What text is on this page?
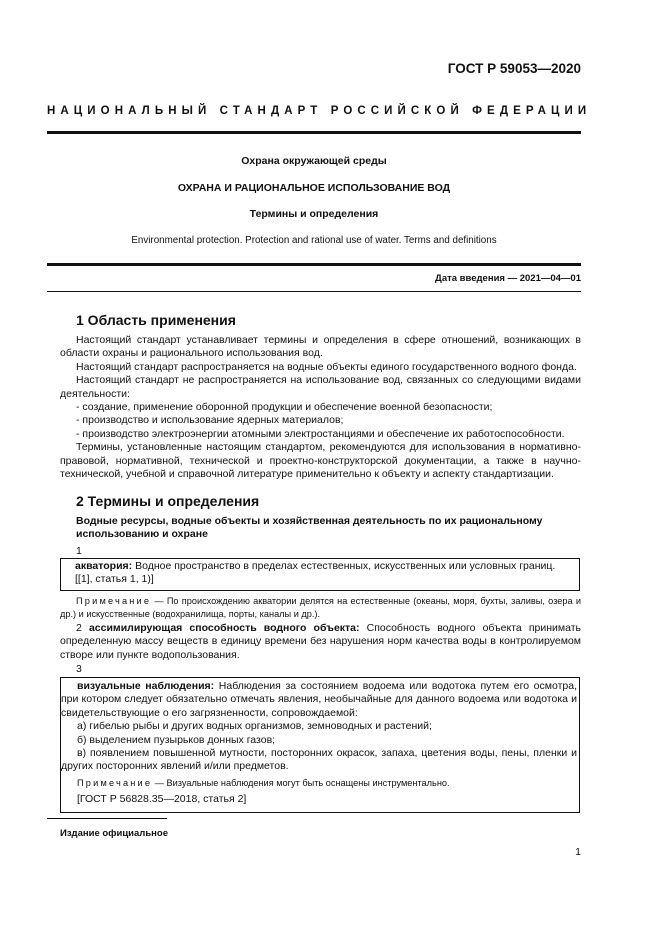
ГОСТ Р 59053—2020
НАЦИОНАЛЬНЫЙ СТАНДАРТ РОССИЙСКОЙ ФЕДЕРАЦИИ
Охрана окружающей среды
ОХРАНА И РАЦИОНАЛЬНОЕ ИСПОЛЬЗОВАНИЕ ВОД
Термины и определения
Environmental protection. Protection and rational use of water. Terms and definitions
Дата введения — 2021—04—01
1 Область применения

Настоящий стандарт устанавливает термины и определения в сфере отношений, возникающих в области охраны и рационального использования вод.

Настоящий стандарт распространяется на водные объекты единого государственного водного фонда.

Настоящий стандарт не распространяется на использование вод, связанных со следующими видами деятельности:

- создание, применение оборонной продукции и обеспечение военной безопасности;

- производство и использование ядерных материалов;

- производство электроэнергии атомными электростанциями и обеспечение их работоспособности.

Термины, установленные настоящим стандартом, рекомендуются для использования в нормативно-правовой, нормативной, технической и проектно-конструкторской документации, а также в научно-технической, учебной и справочной литературе применительно к объекту и аспекту стандартизации.

2 Термины и определения
Водные ресурсы, водные объекты и хозяйственная деятельность по их рациональному использованию и охране
1
акватория: Водное пространство в пределах естественных, искусственных или условных границ.
[[1], статья 1, 1)]
Примечание — По происхождению акватории делятся на естественные (океаны, моря, бухты, заливы, озера и др.) и искусственные (водохранилища, порты, каналы и др.).
2 ассимилирующая способность водного объекта: Способность водного объекта принимать определенную массу веществ в единицу времени без нарушения норм качества воды в контролируемом створе или пункте водопользования.
3

визуальные наблюдения: Наблюдения за состоянием водоема или водотока путем его осмотра, при котором следует обязательно отмечать явления, необычайные для данного водоема или водотока и свидетельствующие о его загрязненности, сопровождаемой:

а) гибелью рыбы и других водных организмов, земноводных и растений;

б) выделением пузырьков донных газов;

в) появлением повышенной мутности, посторонних окрасок, запаха, цветения воды, пены, пленки и других посторонних явлений и/или предметов.

Примечание — Визуальные наблюдения могут быть оснащены инструментально.

[ГОСТ Р 56828.35—2018, статья 2]

Издание официальное
1
